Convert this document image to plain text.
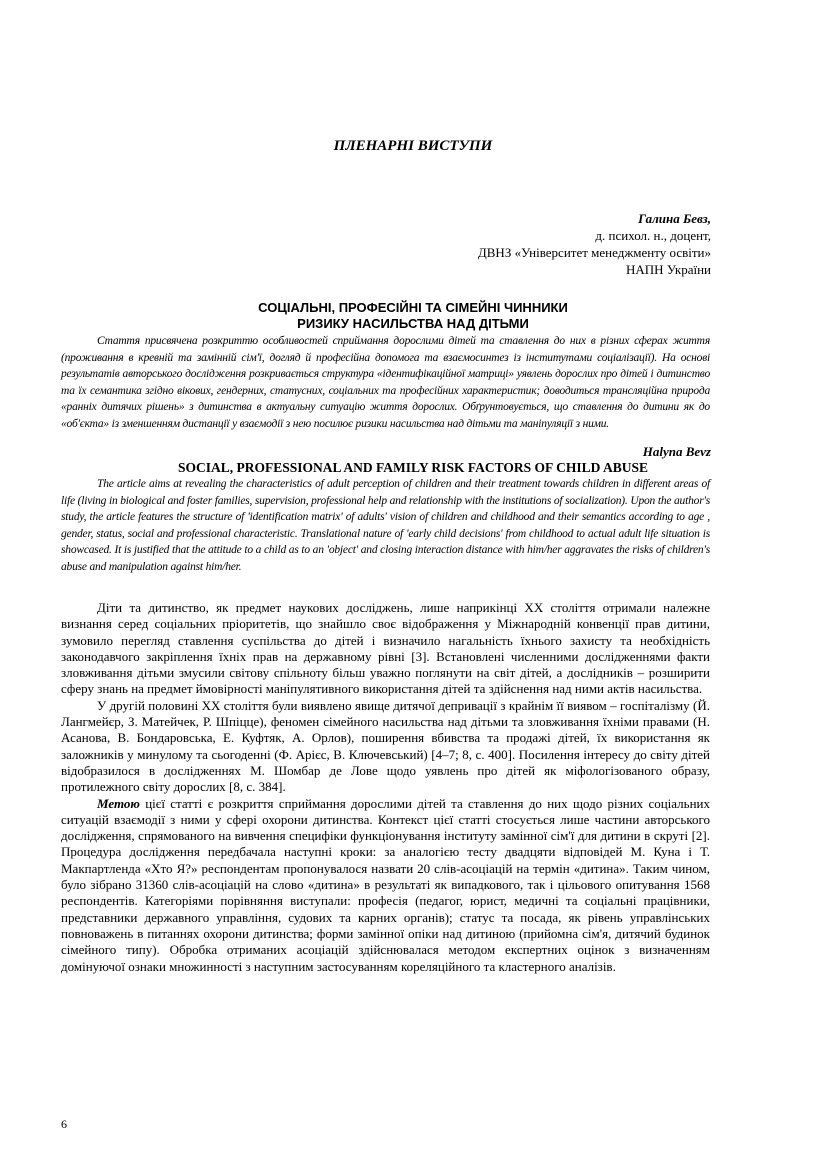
ПЛЕНАРНІ ВИСТУПИ
Галина Бевз,
д. психол. н., доцент,
ДВНЗ «Університет менеджменту освіти»
НАПН України
СОЦІАЛЬНІ, ПРОФЕСІЙНІ ТА СІМЕЙНІ ЧИННИКИ
РИЗИКУ НАСИЛЬСТВА НАД ДІТЬМИ

Стаття присвячена розкриттю особливостей сприймання дорослими дітей та ставлення до них в різних сферах життя (проживання в кревній та замінній сім'ї, догляд й професійна допомога та взаємосинтез із інститутами соціалізації). На основі результатів авторського дослідження розкривається структура «ідентифікаційної матриці» уявлень дорослих про дітей і дитинство та їх семантика згідно вікових, гендерних, статусних, соціальних та професійних характеристик; доводиться трансляційна природа «ранніх дитячих рішень» з дитинства в актуальну ситуацію життя дорослих. Обґрунтовується, що ставлення до дитини як до «об'єкта» із зменшенням дистанції у взаємодії з нею посилює ризики насильства над дітьми та маніпуляції з ними.

Halyna Bevz
SOCIAL, PROFESSIONAL AND FAMILY RISK FACTORS OF CHILD ABUSE

The article aims at revealing the characteristics of adult perception of children and their treatment towards children in different areas of life (living in biological and foster families, supervision, professional help and relationship with the institutions of socialization). Upon the author's study, the article features the structure of 'identification matrix' of adults' vision of children and childhood and their semantics according to age , gender, status, social and professional characteristic. Translational nature of 'early child decisions' from childhood to actual adult life situation is showcased. It is justified that the attitude to a child as to an 'object' and closing interaction distance with him/her aggravates the risks of children's abuse and manipulation against him/her.

Діти та дитинство, як предмет наукових досліджень, лише наприкінці ХХ століття отримали належне визнання серед соціальних пріоритетів, що знайшло своє відображення у Міжнародній конвенції прав дитини, зумовило перегляд ставлення суспільства до дітей і визначило нагальність їхнього захисту та необхідність законодавчого закріплення їхніх прав на державному рівні [3]. Встановлені численними дослідженнями факти зловживання дітьми змусили світову спільноту більш уважно поглянути на світ дітей, а дослідників – розширити сферу знань на предмет ймовірності маніпулятивного використання дітей та здійснення над ними актів насильства.

У другій половині ХХ століття були виявлено явище дитячої депривації з крайнім її виявом – госпіталізму (Й. Лангмейєр, З. Матейчек, Р. Шпіцце), феномен сімейного насильства над дітьми та зловживання їхніми правами (Н. Асанова, В. Бондаровська, Е. Куфтяк, А. Орлов), поширення вбивства та продажі дітей, їх використання як заложників у минулому та сьогоденні (Ф. Арієс, В. Ключевський) [4–7; 8, с. 400]. Посилення інтересу до світу дітей відобразилося в дослідженнях М. Шомбар де Лове щодо уявлень про дітей як міфологізованого образу, протилежного світу дорослих [8, с. 384].

Метою цієї статті є розкриття сприймання дорослими дітей та ставлення до них щодо різних соціальних ситуацій взаємодії з ними у сфері охорони дитинства. Контекст цієї статті стосується лише частини авторського дослідження, спрямованого на вивчення специфіки функціонування інституту замінної сім'ї для дитини в скруті [2]. Процедура дослідження передбачала наступні кроки: за аналогією тесту двадцяти відповідей М. Куна і Т. Макпартленда «Хто Я?» респондентам пропонувалося назвати 20 слів-асоціацій на термін «дитина». Таким чином, було зібрано 31360 слів-асоціацій на слово «дитина» в результаті як випадкового, так і цільового опитування 1568 респондентів. Категоріями порівняння виступали: професія (педагог, юрист, медичні та соціальні працівники, представники державного управління, судових та карних органів); статус та посада, як рівень управлінських повноважень в питаннях охорони дитинства; форми замінної опіки над дитиною (прийомна сім'я, дитячий будинок сімейного типу). Обробка отриманих асоціацій здійснювалася методом експертних оцінок з визначенням домінуючої ознаки множинності з наступним застосуванням кореляційного та кластерного аналізів.

6
